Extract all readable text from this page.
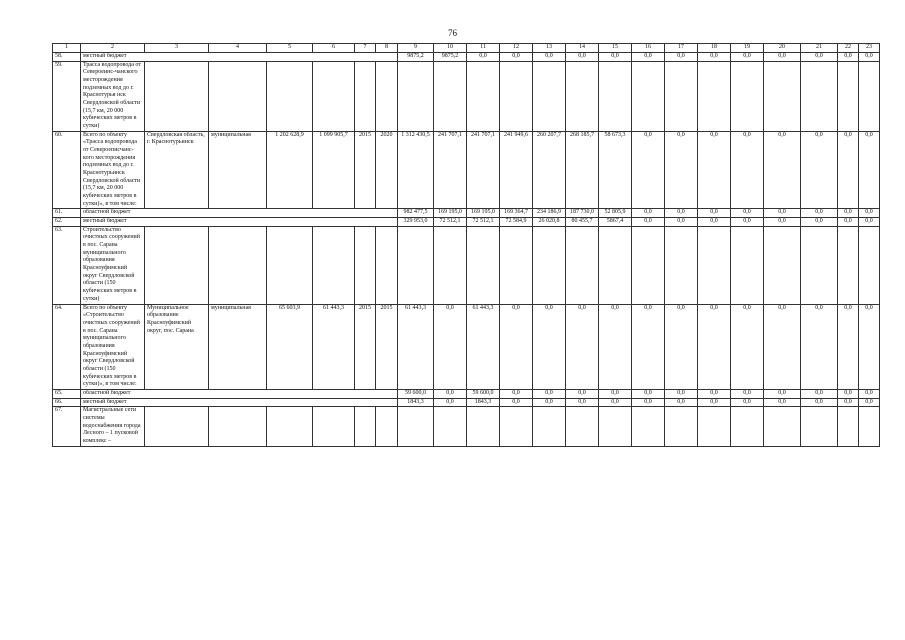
76
1	2	3	4	5	6	7	8	9	10	11	12	13	14	15	16	17	18	19	20	21	22	23
58.	местный бюджет							9875,2	9875,2	0,0	0,0	0,0	0,0	0,0	0,0	0,0	0,0	0,0	0,0	0,0	0,0	0,0
59.	Трасса водопровода от Североеинс-чанского месторождения подземных вод до г. Краснотурья нск Свердловской области (15,7 км, 20 000 кубических метров в сутки)																					
60.	Всего по объекту «Трасса водопровода от Североеписчанс-кого месторождения подземных вод до г. Краснотурьинск Свердловской области (15,7 км, 20 000 кубических метров в сутки)», в том числе:	Свердловская область, г. Краснотурьинск	муниципальная	1 202 628,9	1 099 905,7	2015	2020	1 312 430,5	241 707,1	241 707,1	241 949,6	260 207,7	268 185,7	58 673,3	0,0	0,0	0,0	0,0	0,0	0,0	0,0	0,0
61.	областной бюджет							982 477,5	169 195,0	169 195,0	169 364,7	234 186,9	187 730,0	52 805,9	0,0	0,0	0,0	0,0	0,0	0,0	0,0	0,0
62.	местный бюджет							329 953,0	72 512,1	72 512,1	72 584,9	26 020,8	80 455,7	5867,4	0,0	0,0	0,0	0,0	0,0	0,0	0,0	0,0
63.	Строительство очистных сооружений в пос. Сарана муниципального образования Красноуфимский округ Свердловской области (150 кубических метров в сутки)																					
64.	Всего по объекту «Строительство очистных сооружений в пос. Сарана муниципального образования Красноуфимский округ Свердловской области (150 кубических метров в сутки)», в том числе:	Муниципальное образование Красноуфимский округ, пос. Сарана	муниципальная	65 603,9	61 443,3	2015	2015	61 443,3	0,0	61 443,3	0,0	0,0	0,0	0,0	0,0	0,0	0,0	0,0	0,0	0,0	0,0	0,0
65.	областной бюджет							59 600,0	0,0	59 600,0	0,0	0,0	0,0	0,0	0,0	0,0	0,0	0,0	0,0	0,0	0,0	0,0
66.	местный бюджет							1843,3	0,0	1843,3	0,0	0,0	0,0	0,0	0,0	0,0	0,0	0,0	0,0	0,0	0,0	0,0
67.	Магистральные сети системы водоснабжения города Лесного – 1 пусковой комплекс –																					
